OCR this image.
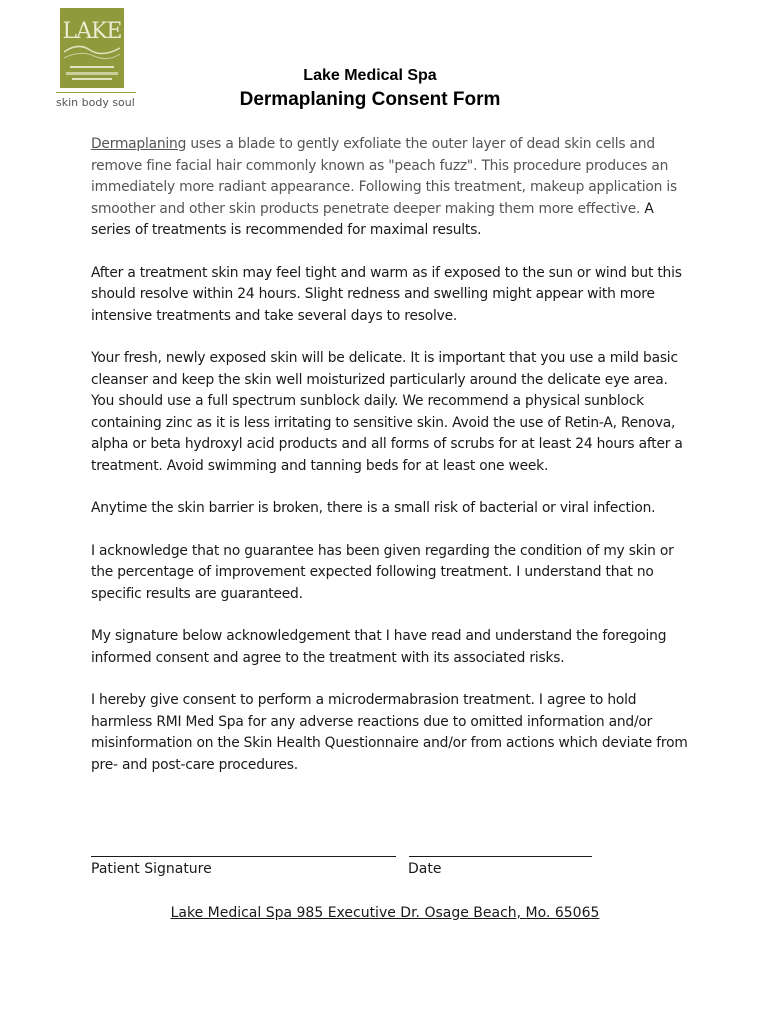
LAKE
skin body soul
Lake Medical Spa
Dermaplaning Consent Form

Dermaplaning uses a blade to gently exfoliate the outer layer of dead skin cells and remove fine facial hair commonly known as "peach fuzz". This procedure produces an immediately more radiant appearance. Following this treatment, makeup application is smoother and other skin products penetrate deeper making them more effective. A series of treatments is recommended for maximal results.

After a treatment skin may feel tight and warm as if exposed to the sun or wind but this should resolve within 24 hours. Slight redness and swelling might appear with more intensive treatments and take several days to resolve.

Your fresh, newly exposed skin will be delicate. It is important that you use a mild basic cleanser and keep the skin well moisturized particularly around the delicate eye area. You should use a full spectrum sunblock daily. We recommend a physical sunblock containing zinc as it is less irritating to sensitive skin. Avoid the use of Retin-A, Renova, alpha or beta hydroxyl acid products and all forms of scrubs for at least 24 hours after a treatment. Avoid swimming and tanning beds for at least one week.

Anytime the skin barrier is broken, there is a small risk of bacterial or viral infection.

I acknowledge that no guarantee has been given regarding the condition of my skin or the percentage of improvement expected following treatment. I understand that no specific results are guaranteed.

My signature below acknowledgement that I have read and understand the foregoing informed consent and agree to the treatment with its associated risks.

I hereby give consent to perform a microdermabrasion treatment. I agree to hold harmless RMI Med Spa for any adverse reactions due to omitted information and/or misinformation on the Skin Health Questionnaire and/or from actions which deviate from pre- and post-care procedures.

Patient Signature	Date
Lake Medical Spa 985 Executive Dr. Osage Beach, Mo. 65065
